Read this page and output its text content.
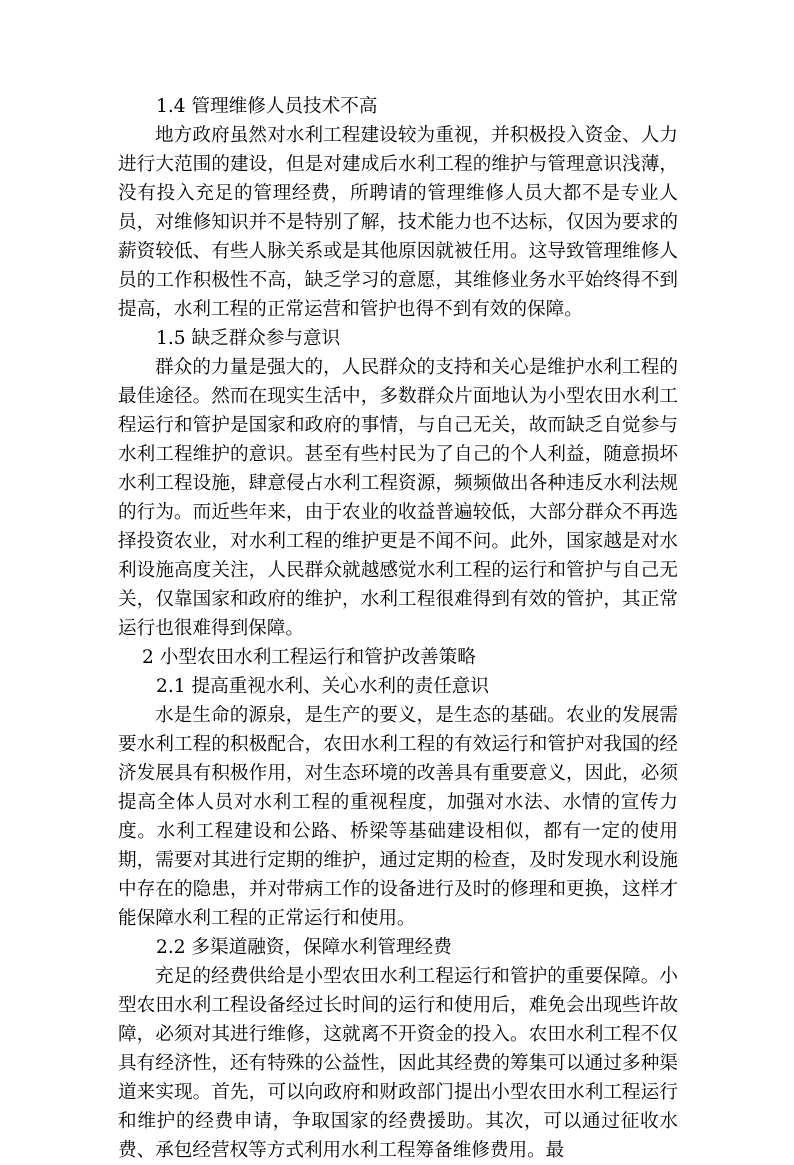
1.4 管理维修人员技术不高

地方政府虽然对水利工程建设较为重视，并积极投入资金、人力进行大范围的建设，但是对建成后水利工程的维护与管理意识浅薄，没有投入充足的管理经费，所聘请的管理维修人员大都不是专业人员，对维修知识并不是特别了解，技术能力也不达标，仅因为要求的薪资较低、有些人脉关系或是其他原因就被任用。这导致管理维修人员的工作积极性不高，缺乏学习的意愿，其维修业务水平始终得不到提高，水利工程的正常运营和管护也得不到有效的保障。

1.5 缺乏群众参与意识

群众的力量是强大的，人民群众的支持和关心是维护水利工程的最佳途径。然而在现实生活中，多数群众片面地认为小型农田水利工程运行和管护是国家和政府的事情，与自己无关，故而缺乏自觉参与水利工程维护的意识。甚至有些村民为了自己的个人利益，随意损坏水利工程设施，肆意侵占水利工程资源，频频做出各种违反水利法规的行为。而近些年来，由于农业的收益普遍较低，大部分群众不再选择投资农业，对水利工程的维护更是不闻不问。此外，国家越是对水利设施高度关注，人民群众就越感觉水利工程的运行和管护与自己无关，仅靠国家和政府的维护，水利工程很难得到有效的管护，其正常运行也很难得到保障。

2 小型农田水利工程运行和管护改善策略
2.1 提高重视水利、关心水利的责任意识

水是生命的源泉，是生产的要义，是生态的基础。农业的发展需要水利工程的积极配合，农田水利工程的有效运行和管护对我国的经济发展具有积极作用，对生态环境的改善具有重要意义，因此，必须提高全体人员对水利工程的重视程度，加强对水法、水情的宣传力度。水利工程建设和公路、桥梁等基础建设相似，都有一定的使用期，需要对其进行定期的维护，通过定期的检查，及时发现水利设施中存在的隐患，并对带病工作的设备进行及时的修理和更换，这样才能保障水利工程的正常运行和使用。

2.2 多渠道融资，保障水利管理经费

充足的经费供给是小型农田水利工程运行和管护的重要保障。小型农田水利工程设备经过长时间的运行和使用后，难免会出现些许故障，必须对其进行维修，这就离不开资金的投入。农田水利工程不仅具有经济性，还有特殊的公益性，因此其经费的筹集可以通过多种渠道来实现。首先，可以向政府和财政部门提出小型农田水利工程运行和维护的经费申请，争取国家的经费援助。其次，可以通过征收水费、承包经营权等方式利用水利工程筹备维修费用。最
